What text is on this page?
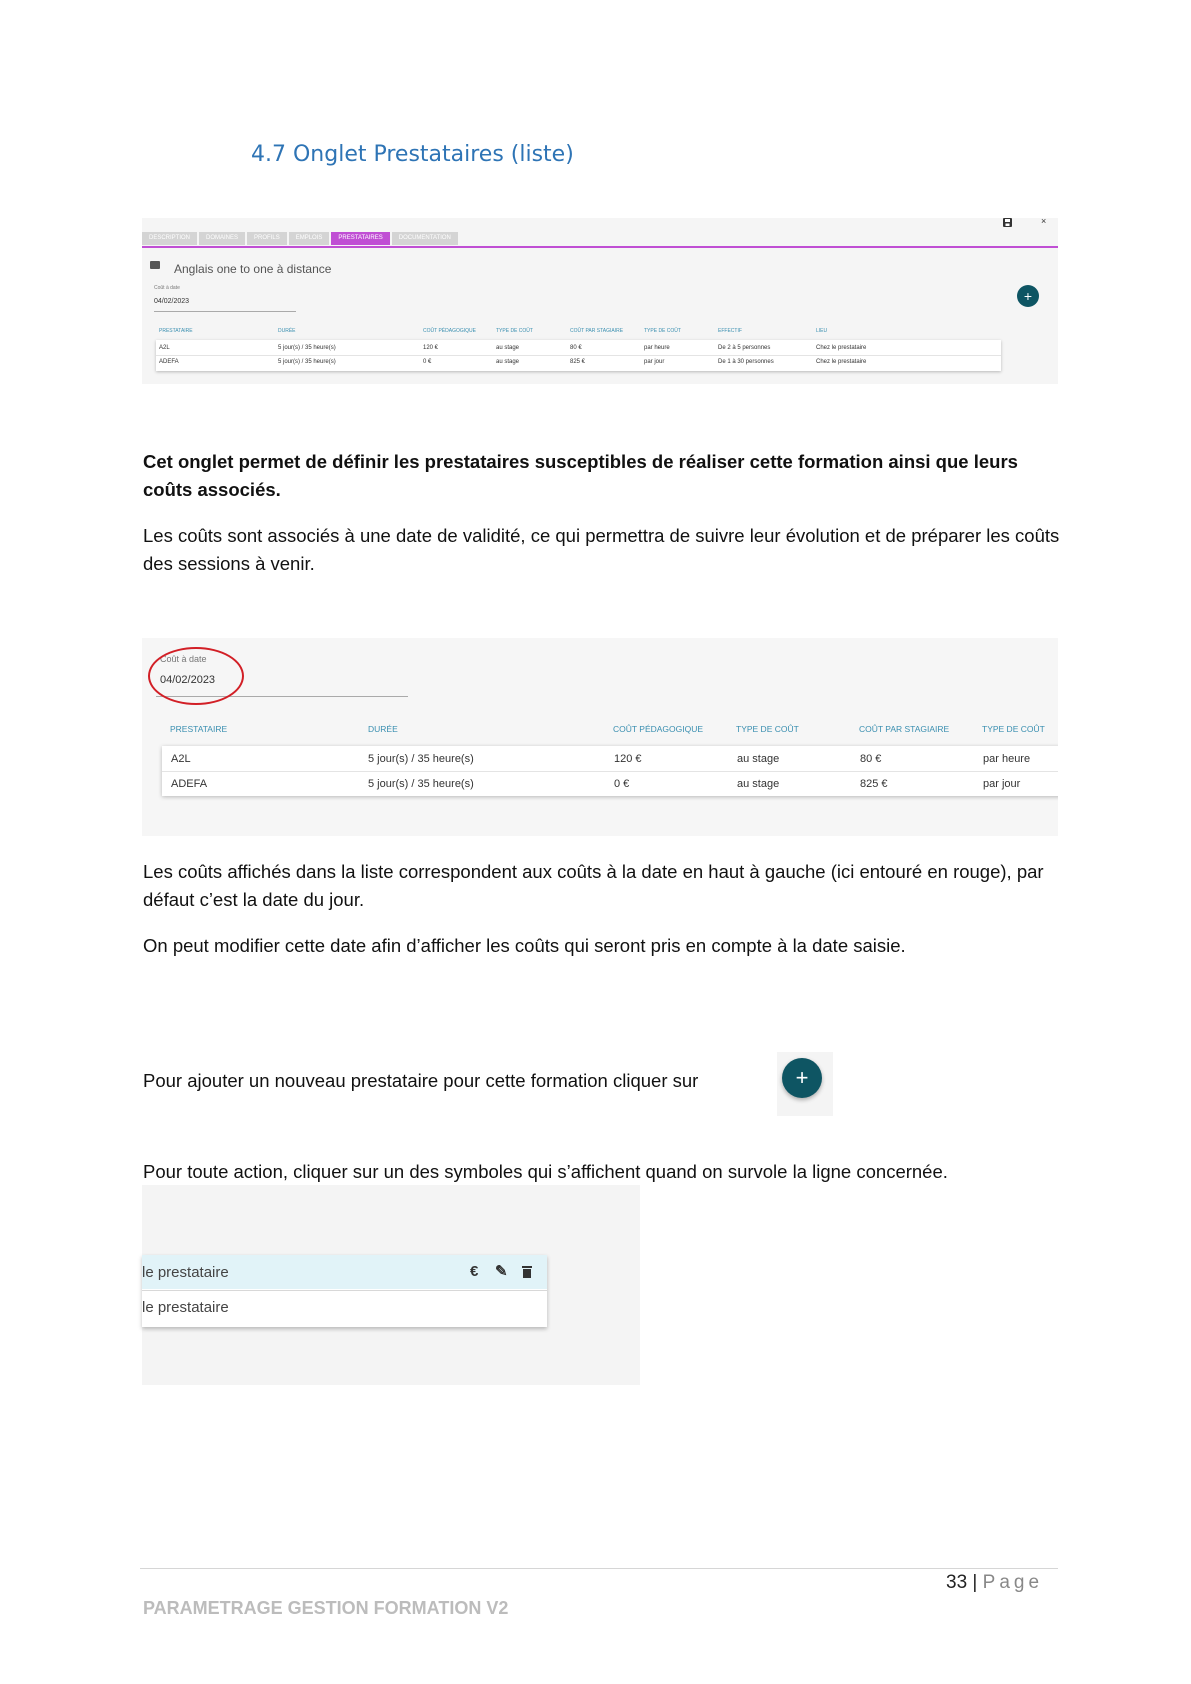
4.7 Onglet Prestataires (liste)
DESCRIPTION	DOMAINES	PROFILS	EMPLOIS	PRESTATAIRES	DOCUMENTATION
×
Anglais one to one à distance
Coût à date
04/02/2023	+
PRESTATAIRE	DURÉE	COÛT PÉDAGOGIQUE	TYPE DE COÛT	COÛT PAR STAGIAIRE	TYPE DE COÛT	EFFECTIF	LIEU
A2L	5 jour(s) / 35 heure(s)	120 €	au stage	80 €	par heure	De 2 à 5 personnes	Chez le prestataire
ADEFA	5 jour(s) / 35 heure(s)	0 €	au stage	825 €	par jour	De 1 à 30 personnes	Chez le prestataire

Cet onglet permet de définir les prestataires susceptibles de réaliser cette formation ainsi que leurs coûts associés.

Les coûts sont associés à une date de validité, ce qui permettra de suivre leur évolution et de préparer les coûts des sessions à venir.

Coût à date
04/02/2023
PRESTATAIRE	DURÉE	COÛT PÉDAGOGIQUE	TYPE DE COÛT	COÛT PAR STAGIAIRE	TYPE DE COÛT
A2L	5 jour(s) / 35 heure(s)	120 €	au stage	80 €	par heure
ADEFA	5 jour(s) / 35 heure(s)	0 €	au stage	825 €	par jour

Les coûts affichés dans la liste correspondent aux coûts à la date en haut à gauche (ici entouré en rouge), par défaut c’est la date du jour.

On peut modifier cette date afin d’afficher les coûts qui seront pris en compte à la date saisie.

Pour ajouter un nouveau prestataire pour cette formation cliquer sur	+

Pour toute action, cliquer sur un des symboles qui s’affichent quand on survole la ligne concernée.

le prestataire
le prestataire
€ ✎
33 | Page
PARAMETRAGE GESTION FORMATION V2
